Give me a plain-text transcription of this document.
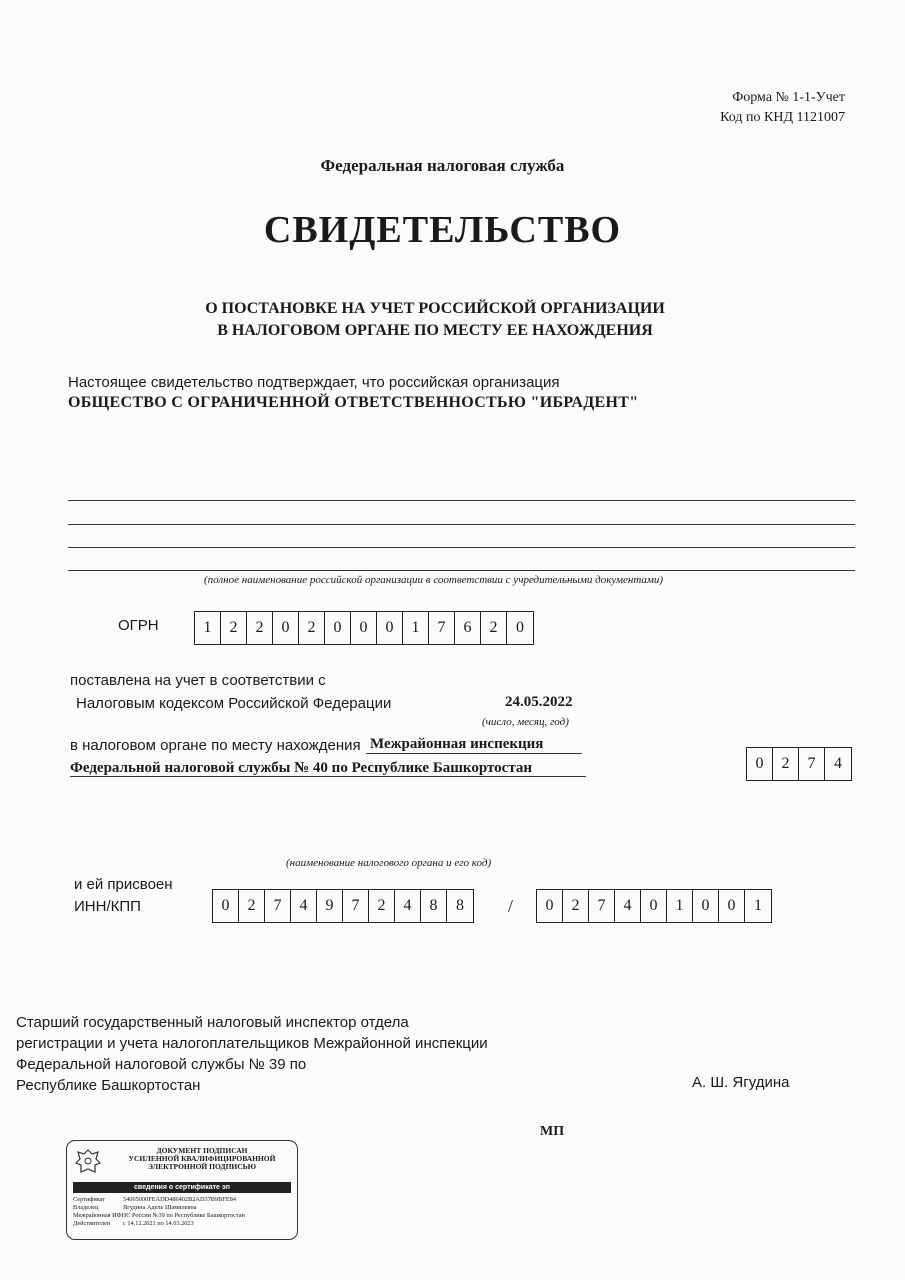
Форма № 1-1-Учет
Код по КНД 1121007
Федеральная налоговая служба
СВИДЕТЕЛЬСТВО
О ПОСТАНОВКЕ НА УЧЕТ РОССИЙСКОЙ ОРГАНИЗАЦИИ
В НАЛОГОВОМ ОРГАНЕ ПО МЕСТУ ЕЕ НАХОЖДЕНИЯ
Настоящее свидетельство подтверждает, что российская организация
ОБЩЕСТВО С ОГРАНИЧЕННОЙ ОТВЕТСТВЕННОСТЬЮ "ИБРАДЕНТ"
(полное наименование российской организации в соответствии с учредительными документами)
ОГРН	1	2	2	0	2	0	0	0	1	7	6	2	0
поставлена на учет в соответствии с
Налоговым кодексом Российской Федерации	24.05.2022
(число, месяц, год)
в налоговом органе по месту нахождения Межрайонная инспекция
Федеральной налоговой службы № 40 по Республике Башкортостан	0	2	7	4
(наименование налогового органа и его код)
и ей присвоен
ИНН/КПП	0	2	7	4	9	7	2	4	8	8	/	0	2	7	4	0	1	0	0	1
Старший государственный налоговый инспектор отдела
регистрации и учета налогоплательщиков Межрайонной инспекции
Федеральной налоговой службы № 39 по
Республике Башкортостан	А. Ш. Ягудина
МП
ДОКУМЕНТ ПОДПИСАН
УСИЛЕННОЙ КВАЛИФИЦИРОВАННОЙ
ЭЛЕКТРОННОЙ ПОДПИСЬЮ
сведения о сертификате эп
Сертификат	54065000FEADD486402B2AD37B9BFE84
Владелец	Ягудина Адель Шамилевна
Межрайонная ИФНС России №39 по Республике Башкортостан
Действителен с 14.12.2021 по 14.03.2023
